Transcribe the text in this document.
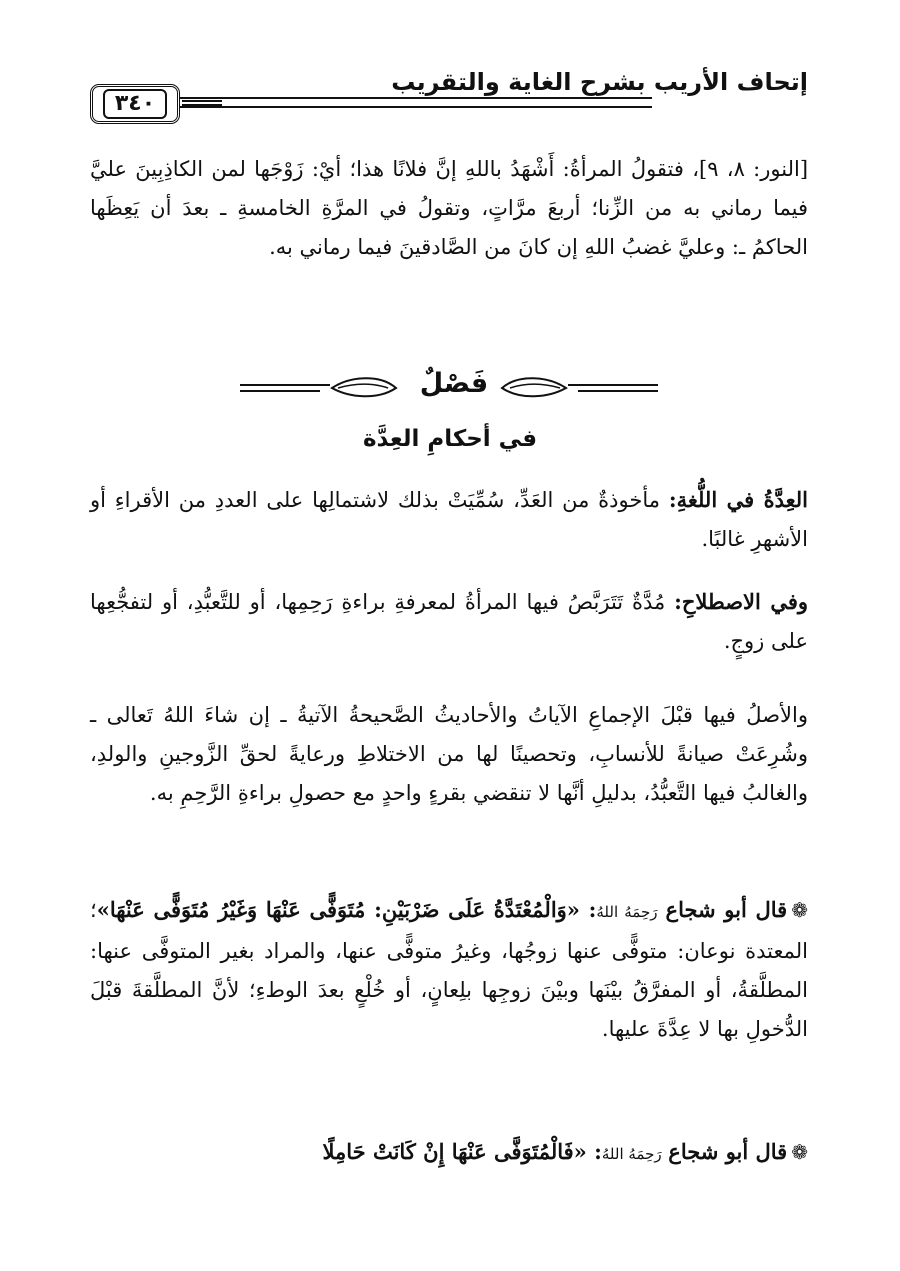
إتحاف الأريب بشرح الغاية والتقريب
٣٤٠

[النور: ٨، ٩]، فتقولُ المرأةُ: أَشْهَدُ باللهِ إنَّ فلانًا هذا؛ أيْ: زَوْجَها لمن الكاذِبِينَ عليَّ فيما رماني به من الزِّنا؛ أربعَ مرَّاتٍ، وتقولُ في المرَّةِ الخامسةِ ـ بعدَ أن يَعِظَها الحاكمُ ـ: وعليَّ غضبُ اللهِ إن كانَ من الصَّادقينَ فيما رماني به.

فَصْلٌ
في أحكامِ العِدَّة

العِدَّةُ في اللُّغةِ: مأخوذةٌ من العَدِّ، سُمِّيَتْ بذلك لاشتمالِها على العددِ من الأقراءِ أو الأشهرِ غالبًا.

وفي الاصطلاحِ: مُدَّةٌ تَتَرَبَّصُ فيها المرأةُ لمعرفةِ براءةِ رَحِمِها، أو للتَّعبُّدِ، أو لتفجُّعِها على زوجٍ.

والأصلُ فيها قبْلَ الإجماعِ الآياتُ والأحاديثُ الصَّحيحةُ الآتيةُ ـ إن شاءَ اللهُ تَعالى ـ وشُرِعَتْ صيانةً للأنسابِ، وتحصينًا لها من الاختلاطِ ورعايةً لحقِّ الزَّوجينِ والولدِ، والغالبُ فيها التَّعبُّدُ، بدليلِ أنَّها لا تنقضي بقرءٍ واحدٍ مع حصولِ براءةِ الرَّحِمِ به.

❁قال أبو شجاع رَحِمَهُ اللهُ: «وَالْمُعْتَدَّةُ عَلَى ضَرْبَيْنِ: مُتَوَفًّى عَنْهَا وَغَيْرُ مُتَوَفًّى عَنْهَا»؛ المعتدة نوعان: متوفًّى عنها زوجُها، وغيرُ متوفًّى عنها، والمراد بغير المتوفَّى عنها: المطلَّقةُ، أو المفرَّقُ بيْنَها وبيْنَ زوجِها بلِعانٍ، أو خُلْعٍ بعدَ الوطءِ؛ لأنَّ المطلَّقةَ قبْلَ الدُّخولِ بها لا عِدَّةَ عليها.

❁قال أبو شجاع رَحِمَهُ اللهُ: «فَالْمُتَوَفَّى عَنْهَا إِنْ كَانَتْ حَامِلًا
